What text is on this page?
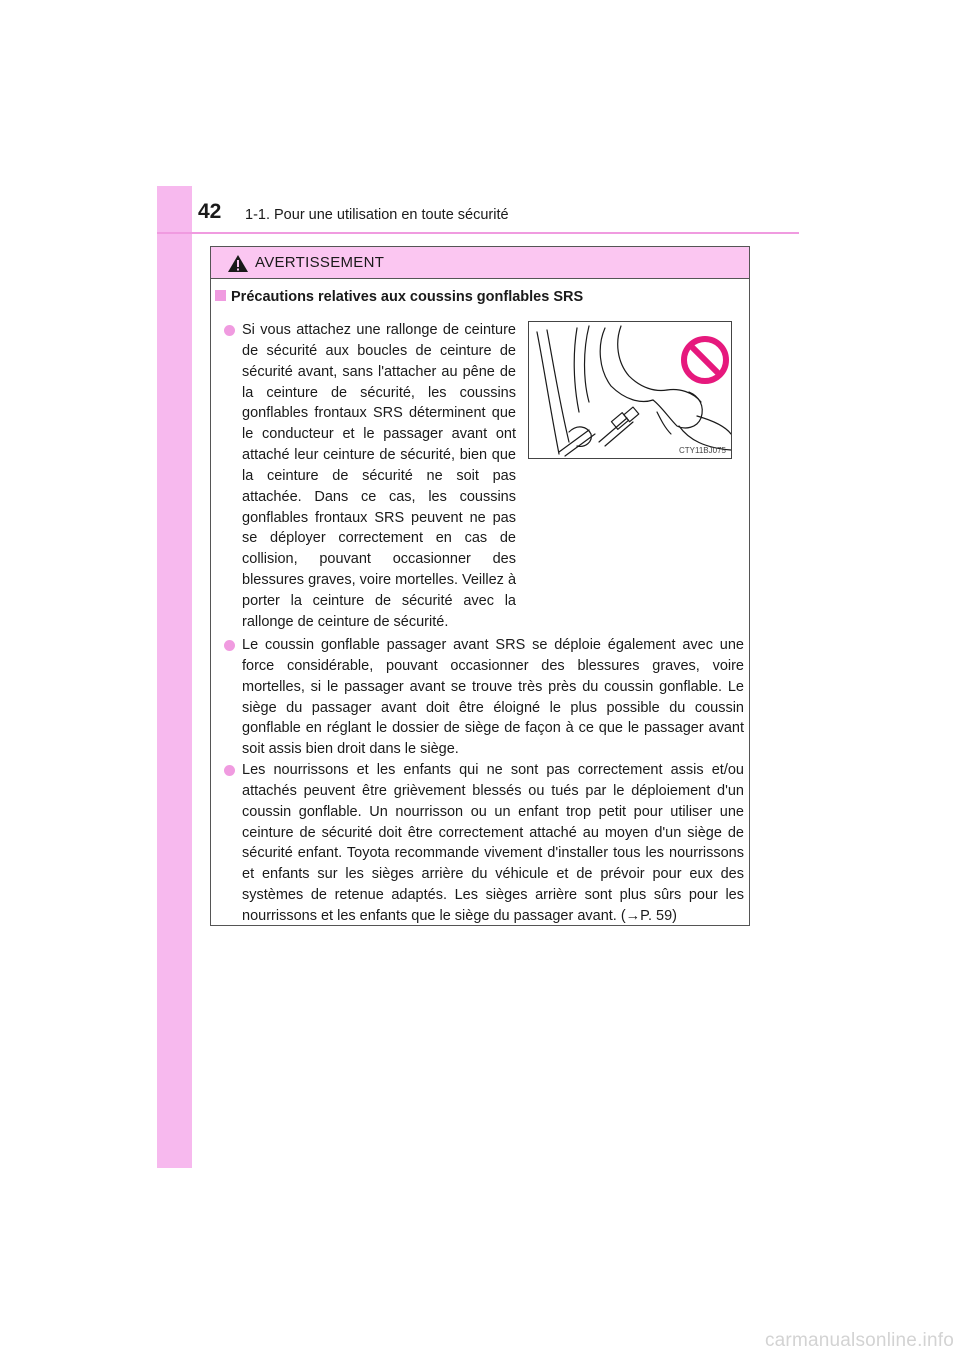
42 1-1. Pour une utilisation en toute sécurité
AVERTISSEMENT
Précautions relatives aux coussins gonflables SRS
Si vous attachez une rallonge de ceinture de sécurité aux boucles de ceinture de sécurité avant, sans l'attacher au pêne de la ceinture de sécurité, les coussins gonflables frontaux SRS déterminent que le conducteur et le passager avant ont attaché leur ceinture de sécurité, bien que la ceinture de sécurité ne soit pas attachée. Dans ce cas, les coussins gonflables frontaux SRS peuvent ne pas se déployer correctement en cas de collision, pouvant occasionner des blessures graves, voire mortelles. Veillez à porter la ceinture de sécurité avec la rallonge de ceinture de sécurité.
CTY11BJ075
Le coussin gonflable passager avant SRS se déploie également avec une force considérable, pouvant occasionner des blessures graves, voire mortelles, si le passager avant se trouve très près du coussin gonflable. Le siège du passager avant doit être éloigné le plus possible du coussin gonflable en réglant le dossier de siège de façon à ce que le passager avant soit assis bien droit dans le siège.
Les nourrissons et les enfants qui ne sont pas correctement assis et/ou attachés peuvent être grièvement blessés ou tués par le déploiement d'un coussin gonflable. Un nourrisson ou un enfant trop petit pour utiliser une ceinture de sécurité doit être correctement attaché au moyen d'un siège de sécurité enfant. Toyota recommande vivement d'installer tous les nourrissons et enfants sur les sièges arrière du véhicule et de prévoir pour eux des systèmes de retenue adaptés. Les sièges arrière sont plus sûrs pour les nourrissons et les enfants que le siège du passager avant. (→P. 59)
carmanualsonline.info
